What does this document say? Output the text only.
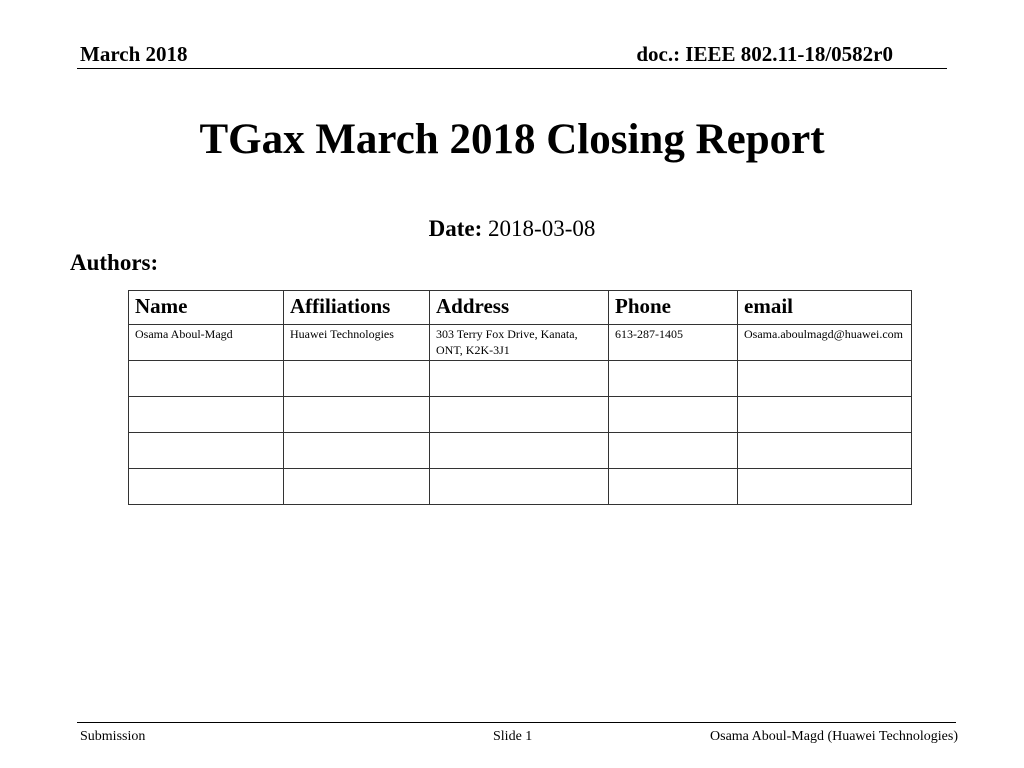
March 2018	doc.: IEEE 802.11-18/0582r0
TGax March 2018 Closing Report
Date: 2018-03-08
Authors:
Name	Affiliations	Address	Phone	email
Osama Aboul-Magd	Huawei Technologies	303 Terry Fox Drive, Kanata, ONT, K2K-3J1	613-287-1405	Osama.aboulmagd@huawei.com

Submission	Slide 1	Osama Aboul-Magd (Huawei Technologies)
